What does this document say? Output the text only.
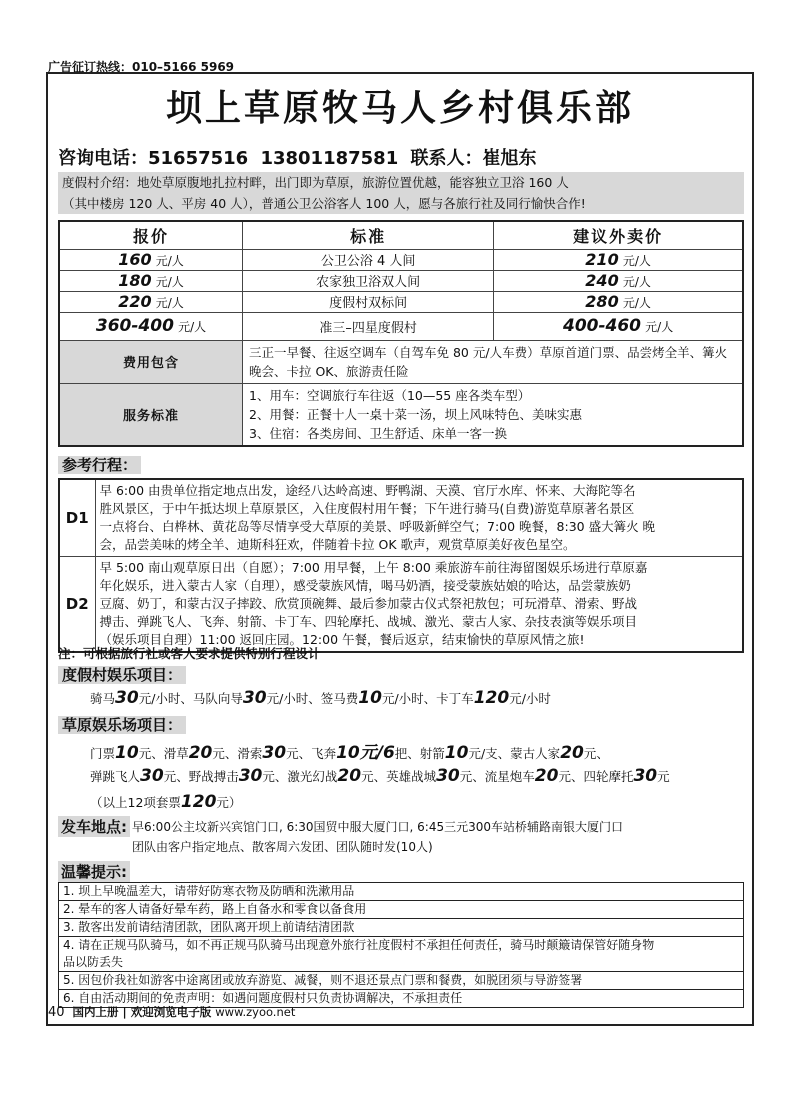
广告征订热线：010–5166 5969
坝上草原牧马人乡村俱乐部
咨询电话：51657516 13801187581 联系人：崔旭东
度假村介绍：地处草原腹地扎拉村畔，出门即为草原，旅游位置优越，能容独立卫浴 160 人
（其中楼房 120 人、平房 40 人），普通公卫公浴客人 100 人，愿与各旅行社及同行愉快合作!
报价	标准	建议外卖价
160 元/人	公卫公浴 4 人间	210 元/人
180 元/人	农家独卫浴双人间	240 元/人
220 元/人	度假村双标间	280 元/人
360-400 元/人	准三–四星度假村	400-460 元/人
费用包含	三正一早餐、往返空调车（自驾车免 80 元/人车费）草原首道门票、品尝烤全羊、篝火
晚会、卡拉 OK、旅游责任险	

服务标准	1、用车：空调旅行车往返（10—55 座各类车型）
2、用餐：正餐十人一桌十菜一汤，坝上风味特色、美味实惠
3、住宿：各类房间、卫生舒适、床单一客一换	
参考行程：
D1	早 6:00 由贵单位指定地点出发，途经八达岭高速、野鸭湖、天漠、官厅水库、怀来、大海陀等名
胜风景区，于中午抵达坝上草原景区，入住度假村用午餐；下午进行骑马(自费)游览草原著名景区
一点将台、白桦林、黄花岛等尽情享受大草原的美景、呼吸新鲜空气；7:00 晚餐，8:30 盛大篝火 晚
会，品尝美味的烤全羊、迪斯科狂欢，伴随着卡拉 OK 歌声，观赏草原美好夜色星空。

D2	早 5:00 南山观草原日出（自愿）；7:00 用早餐，上午 8:00 乘旅游车前往海留图娱乐场进行草原嘉
年化娱乐，进入蒙古人家（自理），感受蒙族风情，喝马奶酒，接受蒙族姑娘的哈达，品尝蒙族奶
豆腐、奶丁，和蒙古汉子摔跤、欣赏顶碗舞、最后参加蒙古仪式祭祀敖包；可玩滑草、滑索、野战
搏击、弹跳飞人、飞奔、射箭、卡丁车、四轮摩托、战城、激光、蒙古人家、杂技表演等娱乐项目
（娱乐项目自理）11:00 返回庄园。12:00 午餐，餐后返京，结束愉快的草原风情之旅!
注：可根据旅行社或客人要求提供特别行程设计
度假村娱乐项目：
骑马30元/小时、马队向导30元/小时、签马费10元/小时、卡丁车120元/小时
草原娱乐场项目：
门票10元、滑草20元、滑索30元、飞奔10元/6把、射箭10元/支、蒙古人家20元、
弹跳飞人30元、野战搏击30元、激光幻战20元、英雄战城30元、流星炮车20元、四轮摩托30元
（以上12项套票120元）
发车地点: 早6:00公主坟新兴宾馆门口, 6:30国贸中服大厦门口, 6:45三元300车站桥辅路南银大厦门口
团队由客户指定地点、散客周六发团、团队随时发(10人)
温馨提示:
1. 坝上早晚温差大，请带好防寒衣物及防晒和洗漱用品
2. 晕车的客人请备好晕车药，路上自备水和零食以备食用
3. 散客出发前请结清团款，团队离开坝上前请结清团款
4. 请在正规马队骑马，如不再正规马队骑马出现意外旅行社度假村不承担任何责任，骑马时颠簸请保管好随身物
品以防丢失
5. 因包价我社如游客中途离团或放弃游览、减餐，则不退还景点门票和餐费，如脱团须与导游签署
6. 自由活动期间的免责声明：如遇问题度假村只负责协调解决，不承担责任
40 国内上册 | 欢迎浏览电子版 www.zyoo.net
